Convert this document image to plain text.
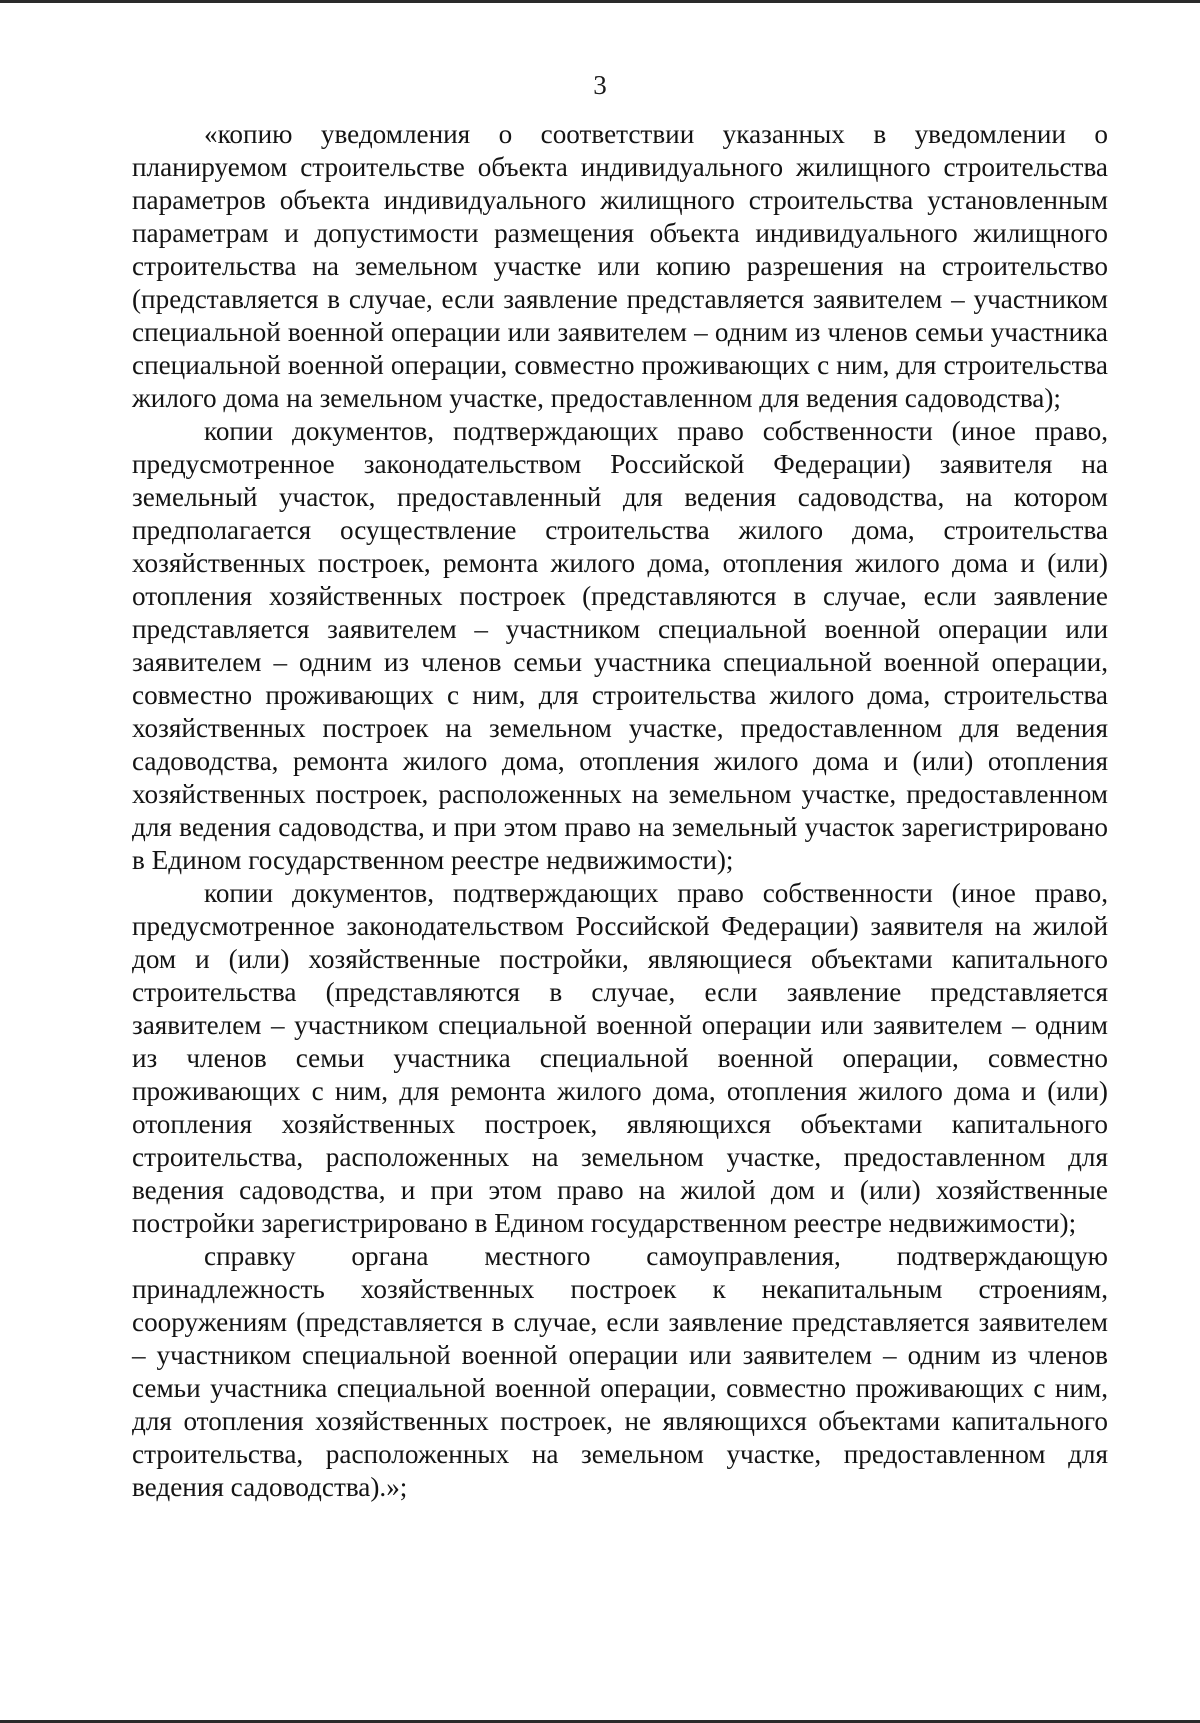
3

«копию уведомления о соответствии указанных в уведомлении о планируемом строительстве объекта индивидуального жилищного строительства параметров объекта индивидуального жилищного строительства установленным параметрам и допустимости размещения объекта индивидуального жилищного строительства на земельном участке или копию разрешения на строительство (представляется в случае, если заявление представляется заявителем – участником специальной военной операции или заявителем – одним из членов семьи участника специальной военной операции, совместно проживающих с ним, для строительства жилого дома на земельном участке, предоставленном для ведения садоводства);

копии документов, подтверждающих право собственности (иное право, предусмотренное законодательством Российской Федерации) заявителя на земельный участок, предоставленный для ведения садоводства, на котором предполагается осуществление строительства жилого дома, строительства хозяйственных построек, ремонта жилого дома, отопления жилого дома и (или) отопления хозяйственных построек (представляются в случае, если заявление представляется заявителем – участником специальной военной операции или заявителем – одним из членов семьи участника специальной военной операции, совместно проживающих с ним, для строительства жилого дома, строительства хозяйственных построек на земельном участке, предоставленном для ведения садоводства, ремонта жилого дома, отопления жилого дома и (или) отопления хозяйственных построек, расположенных на земельном участке, предоставленном для ведения садоводства, и при этом право на земельный участок зарегистрировано в Едином государственном реестре недвижимости);

копии документов, подтверждающих право собственности (иное право, предусмотренное законодательством Российской Федерации) заявителя на жилой дом и (или) хозяйственные постройки, являющиеся объектами капитального строительства (представляются в случае, если заявление представляется заявителем – участником специальной военной операции или заявителем – одним из членов семьи участника специальной военной операции, совместно проживающих с ним, для ремонта жилого дома, отопления жилого дома и (или) отопления хозяйственных построек, являющихся объектами капитального строительства, расположенных на земельном участке, предоставленном для ведения садоводства, и при этом право на жилой дом и (или) хозяйственные постройки зарегистрировано в Едином государственном реестре недвижимости);

справку органа местного самоуправления, подтверждающую принадлежность хозяйственных построек к некапитальным строениям, сооружениям (представляется в случае, если заявление представляется заявителем – участником специальной военной операции или заявителем – одним из членов семьи участника специальной военной операции, совместно проживающих с ним, для отопления хозяйственных построек, не являющихся объектами капитального строительства, расположенных на земельном участке, предоставленном для ведения садоводства).»;
